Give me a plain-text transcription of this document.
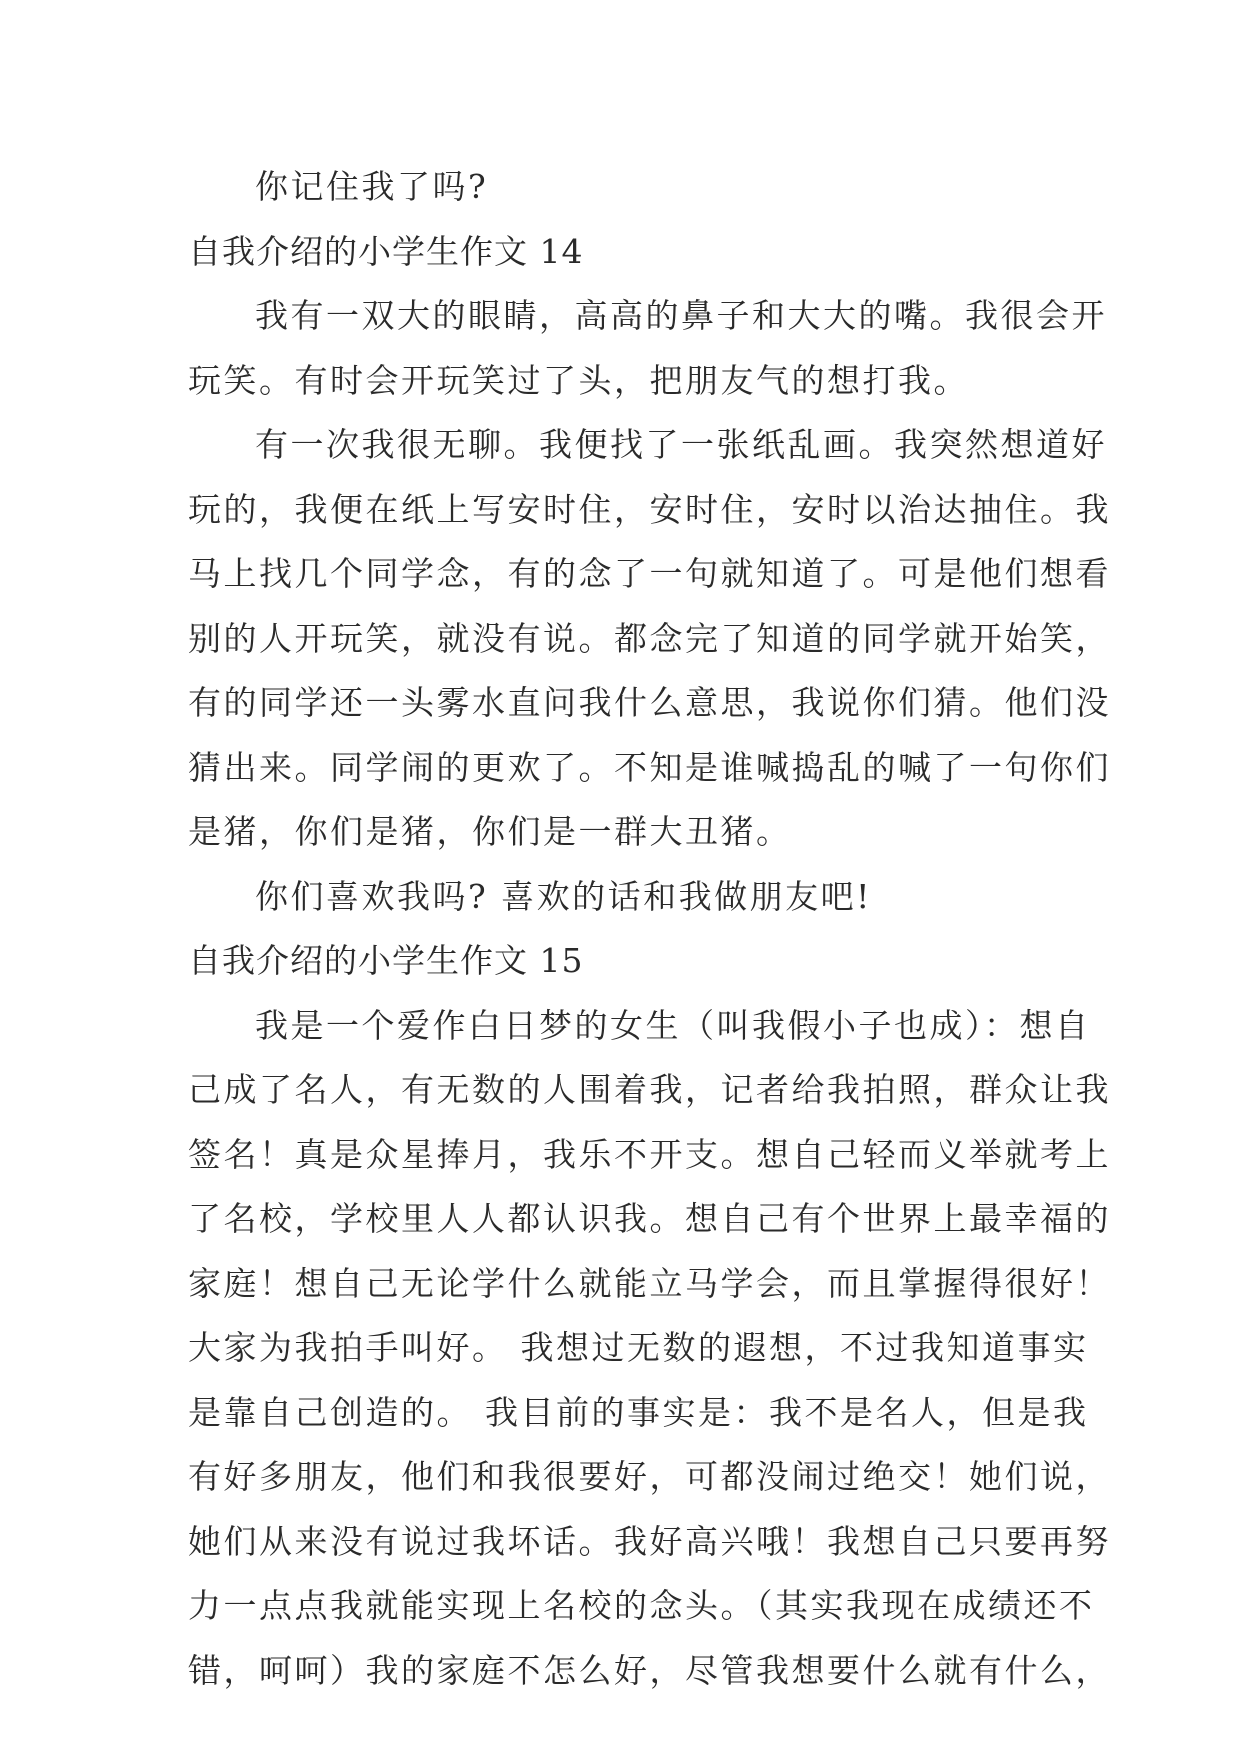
你记住我了吗?
自我介绍的小学生作文 14
我有一双大的眼睛，高高的鼻子和大大的嘴。我很会开
玩笑。有时会开玩笑过了头，把朋友气的想打我。
有一次我很无聊。我便找了一张纸乱画。我突然想道好
玩的，我便在纸上写安时住，安时住，安时以治达抽住。我
马上找几个同学念，有的念了一句就知道了。可是他们想看
别的人开玩笑，就没有说。都念完了知道的同学就开始笑，
有的同学还一头雾水直问我什么意思，我说你们猜。他们没
猜出来。同学闹的更欢了。不知是谁喊捣乱的喊了一句你们
是猪，你们是猪，你们是一群大丑猪。
你们喜欢我吗? 喜欢的话和我做朋友吧!
自我介绍的小学生作文 15
我是一个爱作白日梦的女生（叫我假小子也成）：想自
己成了名人，有无数的人围着我，记者给我拍照，群众让我
签名！真是众星捧月，我乐不开支。想自己轻而义举就考上
了名校，学校里人人都认识我。想自己有个世界上最幸福的
家庭！想自己无论学什么就能立马学会，而且掌握得很好！
大家为我拍手叫好。 我想过无数的遐想，不过我知道事实
是靠自己创造的。 我目前的事实是：我不是名人，但是我
有好多朋友，他们和我很要好，可都没闹过绝交！她们说，
她们从来没有说过我坏话。我好高兴哦！我想自己只要再努
力一点点我就能实现上名校的念头。（其实我现在成绩还不
错，呵呵）我的家庭不怎么好，尽管我想要什么就有什么，
